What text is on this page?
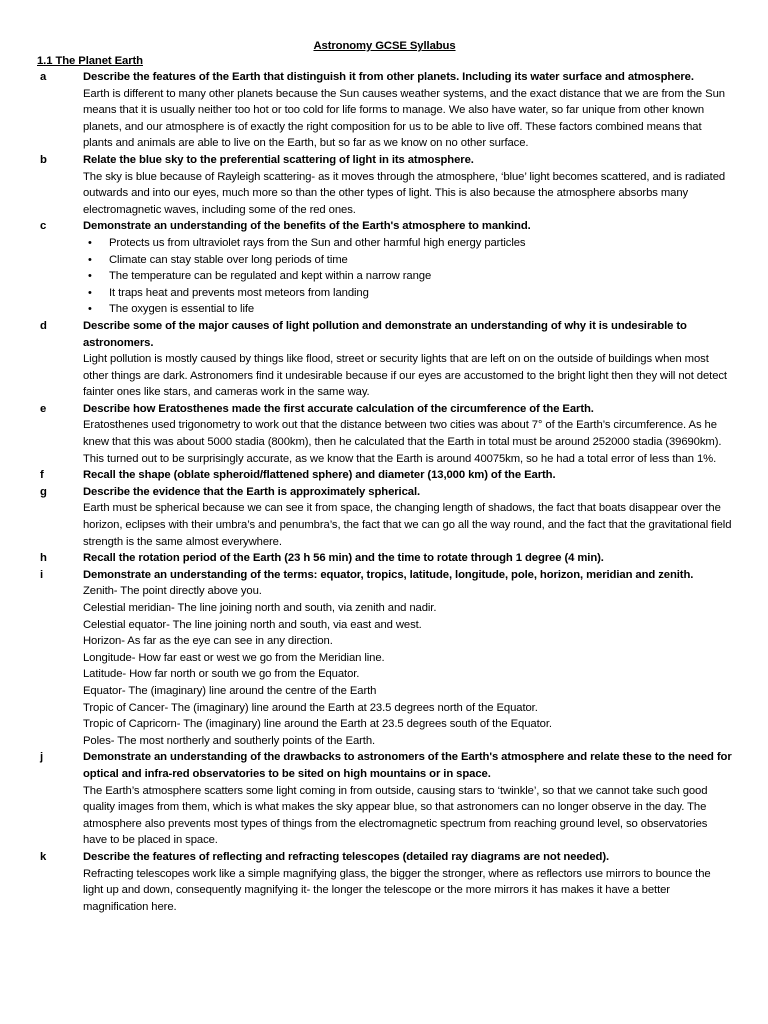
Astronomy GCSE Syllabus

1.1 The Planet Earth

a	Describe the features of the Earth that distinguish it from other planets. Including its water surface and atmosphere.

Earth is different to many other planets because the Sun causes weather systems, and the exact distance that we are from the Sun means that it is usually neither too hot or too cold for life forms to manage. We also have water, so far unique from other known planets, and our atmosphere is of exactly the right composition for us to be able to live off. These factors combined means that plants and animals are able to live on the Earth, but so far as we know on no other surface.

b	Relate the blue sky to the preferential scattering of light in its atmosphere.

The sky is blue because of Rayleigh scattering- as it moves through the atmosphere, ‘blue’ light becomes scattered, and is radiated outwards and into our eyes, much more so than the other types of light. This is also because the atmosphere absorbs many electromagnetic waves, including some of the red ones.

c	Demonstrate an understanding of the benefits of the Earth's atmosphere to mankind.

• Protects us from ultraviolet rays from the Sun and other harmful high energy particles
• Climate can stay stable over long periods of time
• The temperature can be regulated and kept within a narrow range
• It traps heat and prevents most meteors from landing
• The oxygen is essential to life
d	Describe some of the major causes of light pollution and demonstrate an understanding of why it is undesirable to astronomers.

Light pollution is mostly caused by things like flood, street or security lights that are left on on the outside of buildings when most other things are dark. Astronomers find it undesirable because if our eyes are accustomed to the bright light then they will not detect fainter ones like stars, and cameras work in the same way.

e	Describe how Eratosthenes made the first accurate calculation of the circumference of the Earth.

Eratosthenes used trigonometry to work out that the distance between two cities was about 7° of the Earth’s circumference. As he knew that this was about 5000 stadia (800km), then he calculated that the Earth in total must be around 252000 stadia (39690km). This turned out to be surprisingly accurate, as we know that the Earth is around 40075km, so he had a total error of less than 1%.

f	Recall the shape (oblate spheroid/flattened sphere) and diameter (13,000 km) of the Earth.

g	Describe the evidence that the Earth is approximately spherical.

Earth must be spherical because we can see it from space, the changing length of shadows, the fact that boats disappear over the horizon, eclipses with their umbra’s and penumbra’s, the fact that we can go all the way round, and the fact that the gravitational field strength is the same almost everywhere.

h	Recall the rotation period of the Earth (23 h 56 min) and the time to rotate through 1 degree (4 min).

i	Demonstrate an understanding of the terms: equator, tropics, latitude, longitude, pole, horizon, meridian and zenith.

Zenith- The point directly above you.

Celestial meridian- The line joining north and south, via zenith and nadir.

Celestial equator- The line joining north and south, via east and west.

Horizon- As far as the eye can see in any direction.

Longitude- How far east or west we go from the Meridian line.

Latitude- How far north or south we go from the Equator.

Equator- The (imaginary) line around the centre of the Earth

Tropic of Cancer- The (imaginary) line around the Earth at 23.5 degrees north of the Equator.

Tropic of Capricorn- The (imaginary) line around the Earth at 23.5 degrees south of the Equator.

Poles- The most northerly and southerly points of the Earth.

j	Demonstrate an understanding of the drawbacks to astronomers of the Earth's atmosphere and relate these to the need for optical and infra-red observatories to be sited on high mountains or in space.

The Earth’s atmosphere scatters some light coming in from outside, causing stars to ‘twinkle’, so that we cannot take such good quality images from them, which is what makes the sky appear blue, so that astronomers can no longer observe in the day. The atmosphere also prevents most types of things from the electromagnetic spectrum from reaching ground level, so observatories have to be placed in space.

k	Describe the features of reflecting and refracting telescopes (detailed ray diagrams are not needed).

Refracting telescopes work like a simple magnifying glass, the bigger the stronger, where as reflectors use mirrors to bounce the light up and down, consequently magnifying it- the longer the telescope or the more mirrors it has makes it have a better magnification here.
